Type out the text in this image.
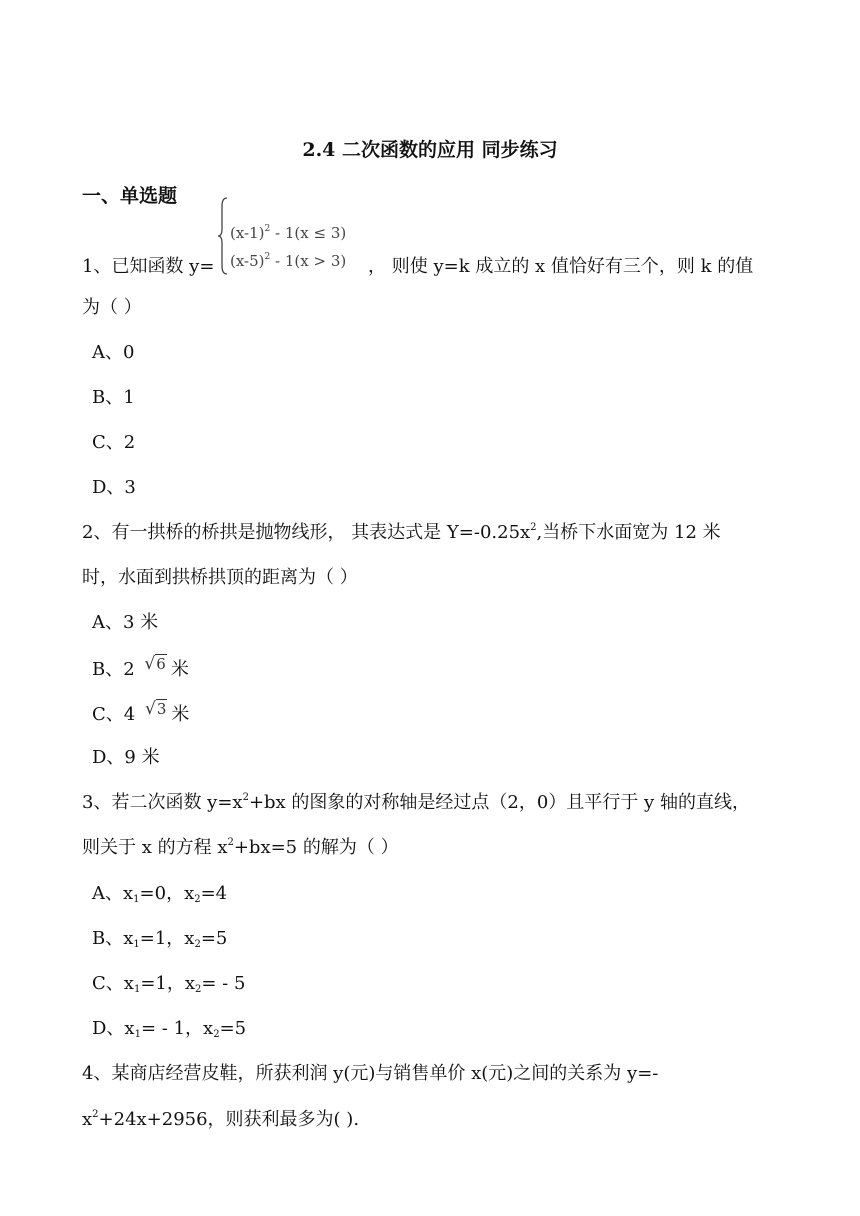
2.4 二次函数的应用 同步练习
一、单选题
$(x-1)^2 - 1(x \le 3)$
$(x-5)^2 - 1(x > 3)$
1、已知函数 y=	， 则使 y=k 成立的 x 值恰好有三个，则 k 的值
为（ ）
A、0
B、1
C、2
D、3
2、有一拱桥的桥拱是抛物线形， 其表达式是 $Y=-0.25x^2$,当桥下水面宽为 12 米
时，水面到拱桥拱顶的距离为（ ）
A、3 米
B、2 √6 米
C、4 √3 米
D、9 米
3、若二次函数 $y=x^2+bx$ 的图象的对称轴是经过点（2，0）且平行于 y 轴的直线，
则关于 x 的方程 $x^2+bx=5$ 的解为（ ）
A、$x_1=0$，$x_2=4$
B、$x_1=1$，$x_2=5$
C、$x_1=1$，$x_2= - 5$
D、$x_1= - 1$，$x_2=5$
4、某商店经营皮鞋，所获利润 y(元)与销售单价 x(元)之间的关系为 y=-
$x^2+24x+2956$，则获利最多为( ).
